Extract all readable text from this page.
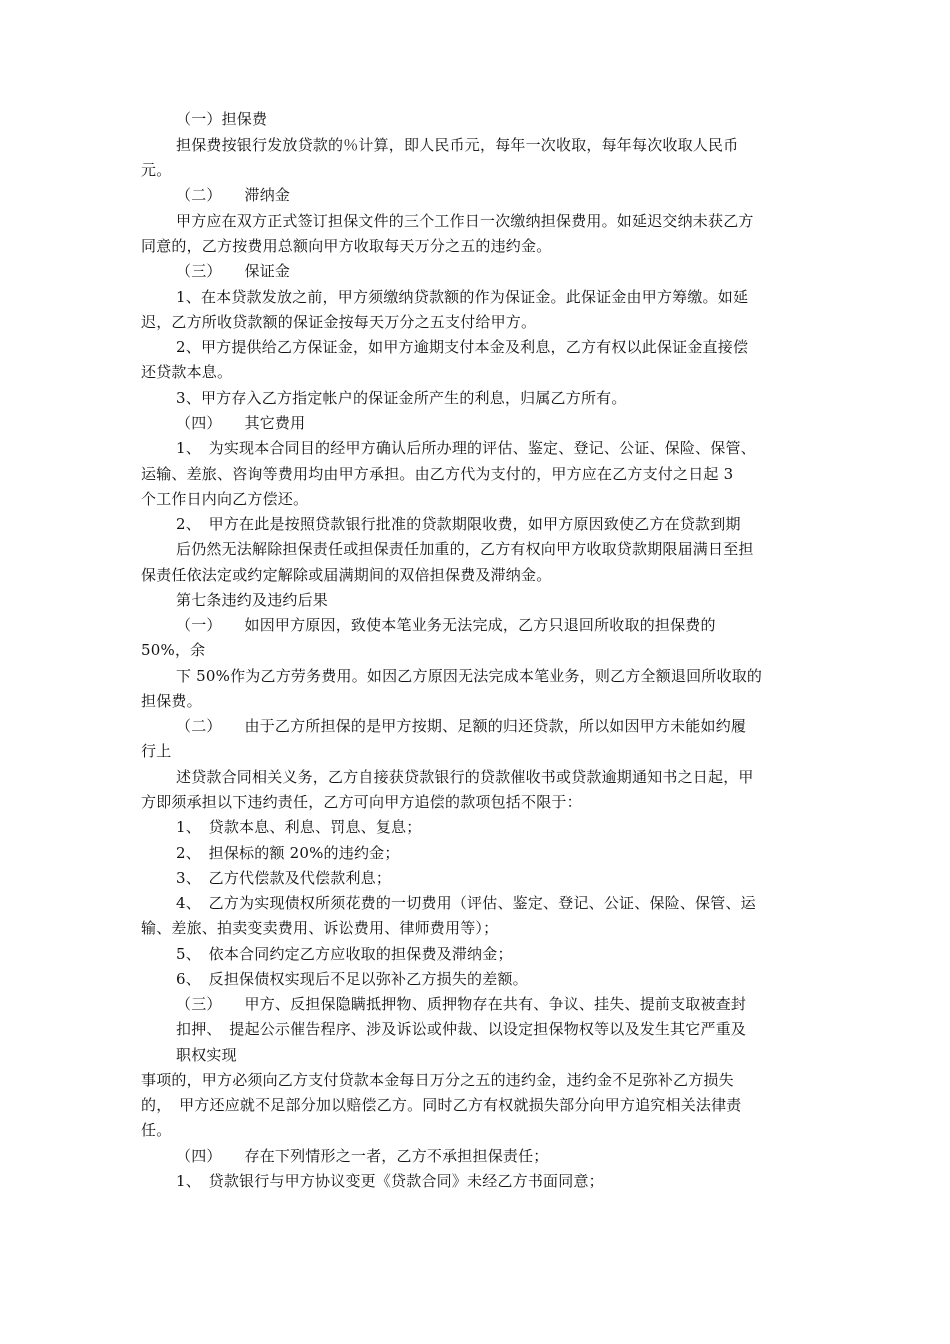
（一）担保费

担保费按银行发放贷款的％计算，即人民币元，每年一次收取，每年每次收取人民币

元。

（二）　　滞纳金

甲方应在双方正式签订担保文件的三个工作日一次缴纳担保费用。如延迟交纳未获乙方

同意的，乙方按费用总额向甲方收取每天万分之五的违约金。

（三）　　保证金

1、在本贷款发放之前，甲方须缴纳贷款额的作为保证金。此保证金由甲方筹缴。如延

迟，乙方所收贷款额的保证金按每天万分之五支付给甲方。

2、甲方提供给乙方保证金，如甲方逾期支付本金及利息，乙方有权以此保证金直接偿

还贷款本息。

3、甲方存入乙方指定帐户的保证金所产生的利息，归属乙方所有。

（四）　　其它费用

1、　为实现本合同目的经甲方确认后所办理的评估、鉴定、登记、公证、保险、保管、

运输、差旅、咨询等费用均由甲方承担。由乙方代为支付的，甲方应在乙方支付之日起 3

个工作日内向乙方偿还。

2、　甲方在此是按照贷款银行批准的贷款期限收费，如甲方原因致使乙方在贷款到期

后仍然无法解除担保责任或担保责任加重的，乙方有权向甲方收取贷款期限届满日至担

保责任依法定或约定解除或届满期间的双倍担保费及滞纳金。

第七条违约及违约后果

（一）　　如因甲方原因，致使本笔业务无法完成，乙方只退回所收取的担保费的

50%，余

下 50%作为乙方劳务费用。如因乙方原因无法完成本笔业务，则乙方全额退回所收取的

担保费。

（二）　　由于乙方所担保的是甲方按期、足额的归还贷款，所以如因甲方未能如约履

行上

述贷款合同相关义务，乙方自接获贷款银行的贷款催收书或贷款逾期通知书之日起，甲

方即须承担以下违约责任，乙方可向甲方追偿的款项包括不限于：

1、　贷款本息、利息、罚息、复息；

2、　担保标的额 20%的违约金；

3、　乙方代偿款及代偿款利息；

4、　乙方为实现债权所须花费的一切费用（评估、鉴定、登记、公证、保险、保管、运

输、差旅、拍卖变卖费用、诉讼费用、律师费用等）；

5、　依本合同约定乙方应收取的担保费及滞纳金；

6、　反担保债权实现后不足以弥补乙方损失的差额。

（三）　　甲方、反担保隐瞒抵押物、质押物存在共有、争议、挂失、提前支取被查封

扣押、　提起公示催告程序、涉及诉讼或仲裁、以设定担保物权等以及发生其它严重及

职权实现

事项的，甲方必须向乙方支付贷款本金每日万分之五的违约金，违约金不足弥补乙方损失

的，　甲方还应就不足部分加以赔偿乙方。同时乙方有权就损失部分向甲方追究相关法律责

任。

（四）　　存在下列情形之一者，乙方不承担担保责任；

1、　贷款银行与甲方协议变更《贷款合同》未经乙方书面同意；
